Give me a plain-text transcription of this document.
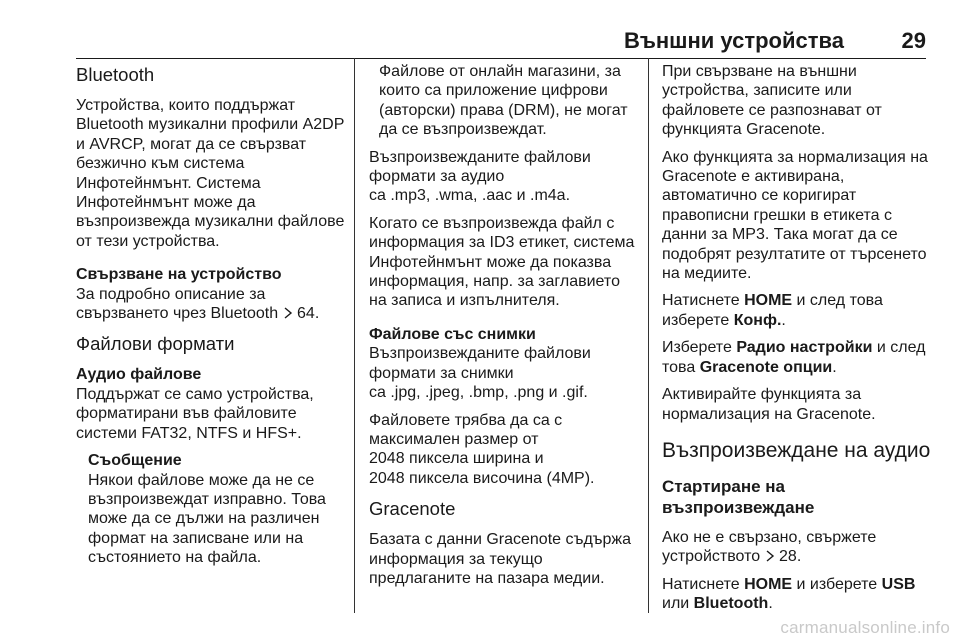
Външни устройства	29
Bluetooth

Устройства, които поддържат Bluetooth музикални профили A2DP и AVRCP, могат да се свързват безжично към система Инфотейнмънт. Система Инфотейнмънт може да възпроизвежда музикални файлове от тези устройства.

Свързване на устройство

За подробно описание за свързването чрез Bluetooth 64.

Файлови формати

Аудио файлове

Поддържат се само устройства, форматирани във файловите системи FAT32, NTFS и HFS+.

Съобщение

Някои файлове може да не се възпроизвеждат изправно. Това може да се дължи на различен формат на записване или на състоянието на файла.

Файлове от онлайн магазини, за които са приложение цифрови (авторски) права (DRM), не могат да се възпроизвеждат.

Възпроизвежданите файлови формати за аудио
са .mp3, .wma, .aac и .m4a.

Когато се възпроизвежда файл с информация за ID3 етикет, система Инфотейнмънт може да показва информация, напр. за заглавието на записа и изпълнителя.

Файлове със снимки

Възпроизвежданите файлови формати за снимки
са .jpg, .jpeg, .bmp, .png и .gif.

Файловете трябва да са с максимален размер от
2048 пиксела ширина и
2048 пиксела височина (4MP).

Gracenote

Базата с данни Gracenote съдържа информация за текущо предлаганите на пазара медии.

При свързване на външни устройства, записите или файловете се разпознават от функцията Gracenote.

Ако функцията за нормализация на Gracenote е активирана, автоматично се коригират правописни грешки в етикета с данни за MP3. Така могат да се подобрят резултатите от търсенето на медиите.

Натиснете HOME и след това изберете Конф..

Изберете Радио настройки и след това Gracenote опции.

Активирайте функцията за нормализация на Gracenote.

Възпроизвеждане на аудио

Стартиране на възпроизвеждане

Ако не е свързано, свържете устройството 28.

Натиснете HOME и изберете USB или Bluetooth.

carmanualsonline.info
